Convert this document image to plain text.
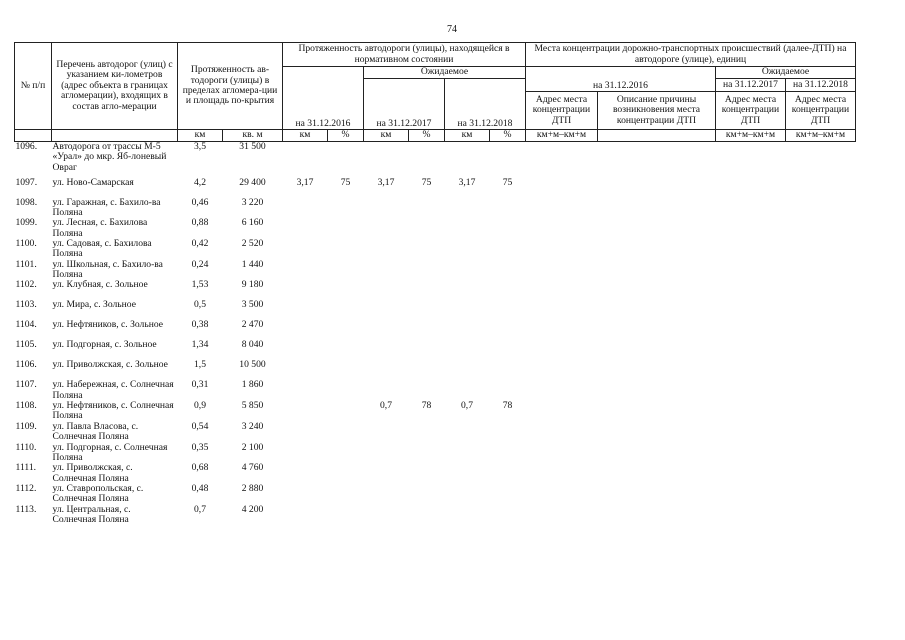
74
№ п/п	Перечень автодорог (улиц) с указанием ки-лометров (адрес объекта в границах агломерации), входящих в состав агло-мерации	Протяженность ав-тодороги (улицы) в пределах агломера-ции и площадь по-крытия		Протяженность автодороги (улицы), находящейся в нормативном состоянии						Места концентрации дорожно-транспортных происшествий (далее-ДТП) на автодороге (улице), единиц			
				на 31.12.2016		Ожидаемое				на 31.12.2016		Ожидаемое	
						на 31.12.2017		на 31.12.2018				на 31.12.2017	на 31.12.2018
										Адрес места концентрации ДТП	Описание причины возникновения места концентрации ДТП	Адрес места концентрации ДТП	Адрес места концентрации ДТП
		км	кв. м	км	%	км	%	км	%	км+м–км+м		км+м–км+м	км+м–км+м
1096.	Автодорога от трассы М-5 «Урал» до мкр. Яб-лоневый Овраг	3,5	31 500										
1097.	ул. Ново-Самарская	4,2	29 400	3,17	75	3,17	75	3,17	75				
1098.	ул. Гаражная, с. Бахило-ва Поляна	0,46	3 220										
1099.	ул. Лесная, с. Бахилова Поляна	0,88	6 160										
1100.	ул. Садовая, с. Бахилова Поляна	0,42	2 520										
1101.	ул. Школьная, с. Бахило-ва Поляна	0,24	1 440										
1102.	ул. Клубная, с. Зольное	1,53	9 180										
1103.	ул. Мира, с. Зольное	0,5	3 500										
1104.	ул. Нефтяников, с. Зольное	0,38	2 470										
1105.	ул. Подгорная, с. Зольное	1,34	8 040										
1106.	ул. Приволжская, с. Зольное	1,5	10 500										
1107.	ул. Набережная, с. Солнечная Поляна	0,31	1 860										
1108.	ул. Нефтяников, с. Солнечная Поляна	0,9	5 850			0,7	78	0,7	78				
1109.	ул. Павла Власова, с. Солнечная Поляна	0,54	3 240										
1110.	ул. Подгорная, с. Солнечная Поляна	0,35	2 100										
1111.	ул. Приволжская, с. Солнечная Поляна	0,68	4 760										
1112.	ул. Ставропольская, с. Солнечная Поляна	0,48	2 880										
1113.	ул. Центральная, с. Солнечная Поляна	0,7	4 200										
